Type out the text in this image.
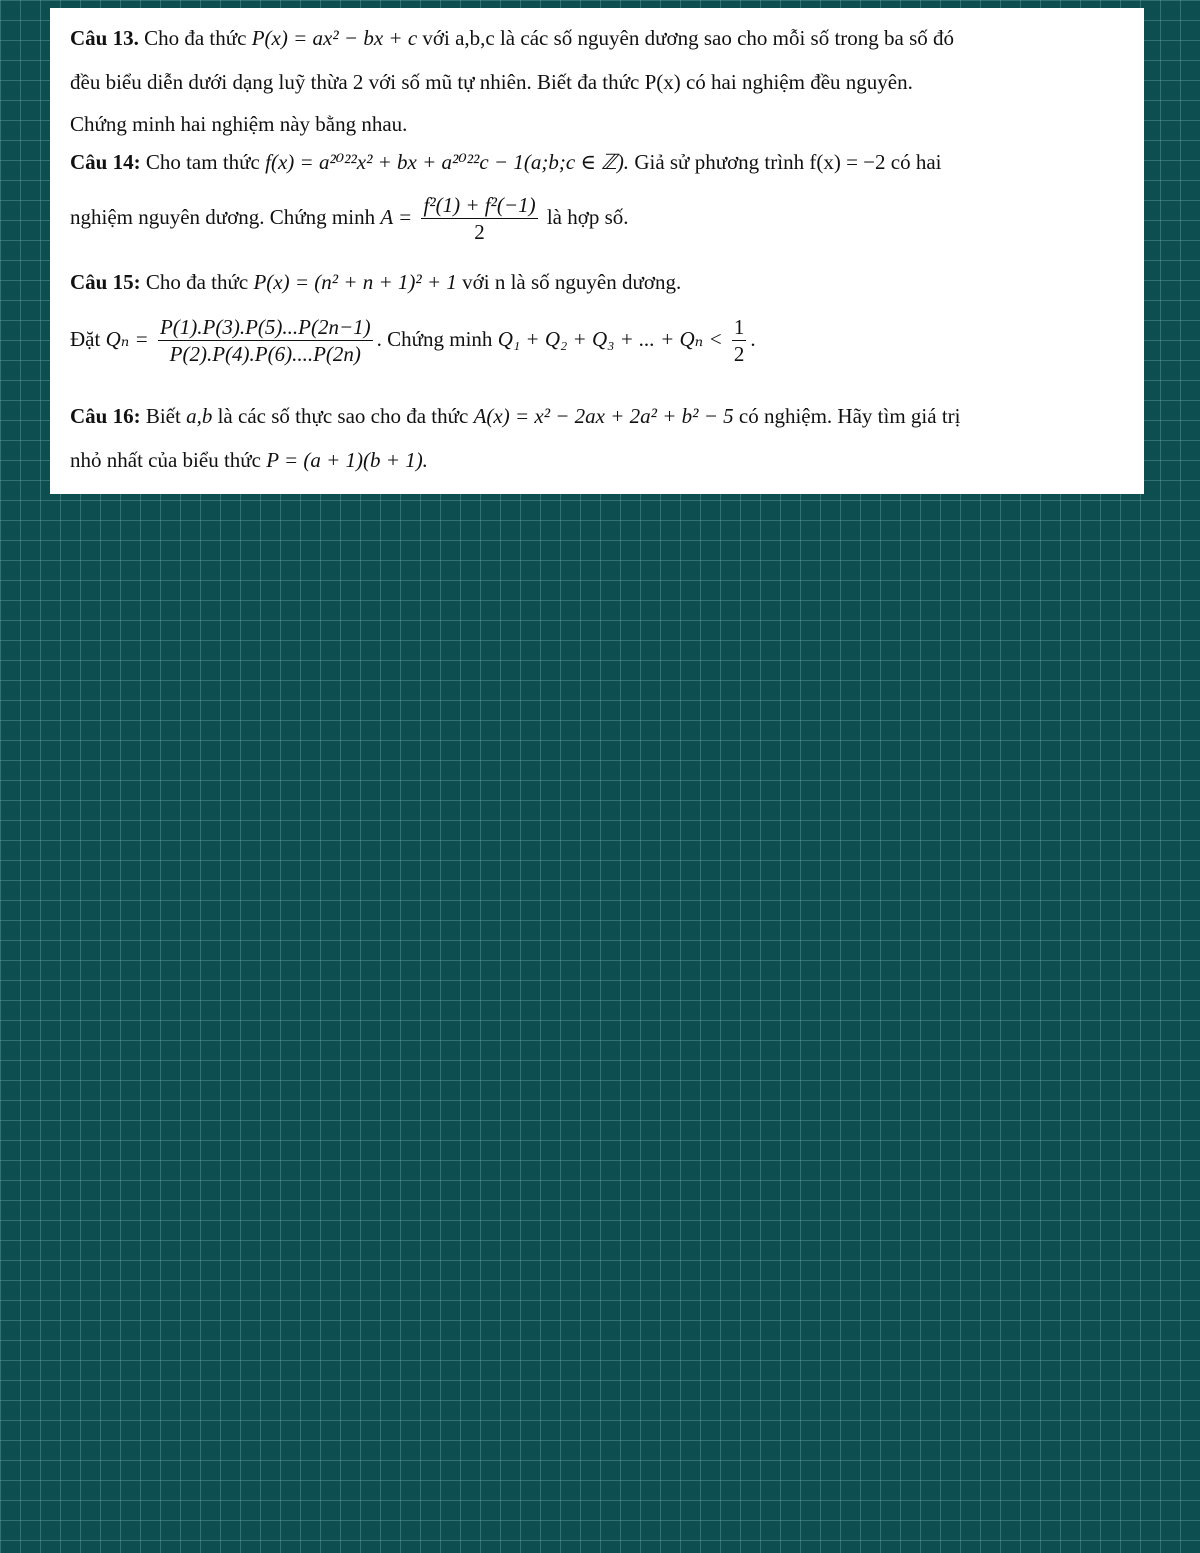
Câu 13. Cho đa thức P(x) = ax² − bx + c với a,b,c là các số nguyên dương sao cho mỗi số trong ba số đó
đều biểu diễn dưới dạng luỹ thừa 2 với số mũ tự nhiên. Biết đa thức P(x) có hai nghiệm đều nguyên.
Chứng minh hai nghiệm này bằng nhau.
Câu 14: Cho tam thức f(x) = a²⁰²²x² + bx + a²⁰²²c − 1(a;b;c ∈ ℤ). Giả sử phương trình f(x) = −2 có hai
nghiệm nguyên dương. Chứng minh $A = \frac{\text{f²(1) + f²(−1)}}{2}$ là hợp số.
Câu 15: Cho đa thức P(x) = (n² + n + 1)² + 1 với n là số nguyên dương.
Đặt $Q_n = \frac{P(1).P(3).P(5)...P(2n-1)}{P(2).P(4).P(6)....P(2n)}$ . Chứng minh Q₁ + Q₂ + Q₃ + ... + $Q_n < \frac{1}{2}$ .
Câu 16: Biết a,b là các số thực sao cho đa thức A(x) = x² − 2ax + 2a² + b² − 5 có nghiệm. Hãy tìm giá trị
nhỏ nhất của biểu thức P = (a + 1)(b + 1).
